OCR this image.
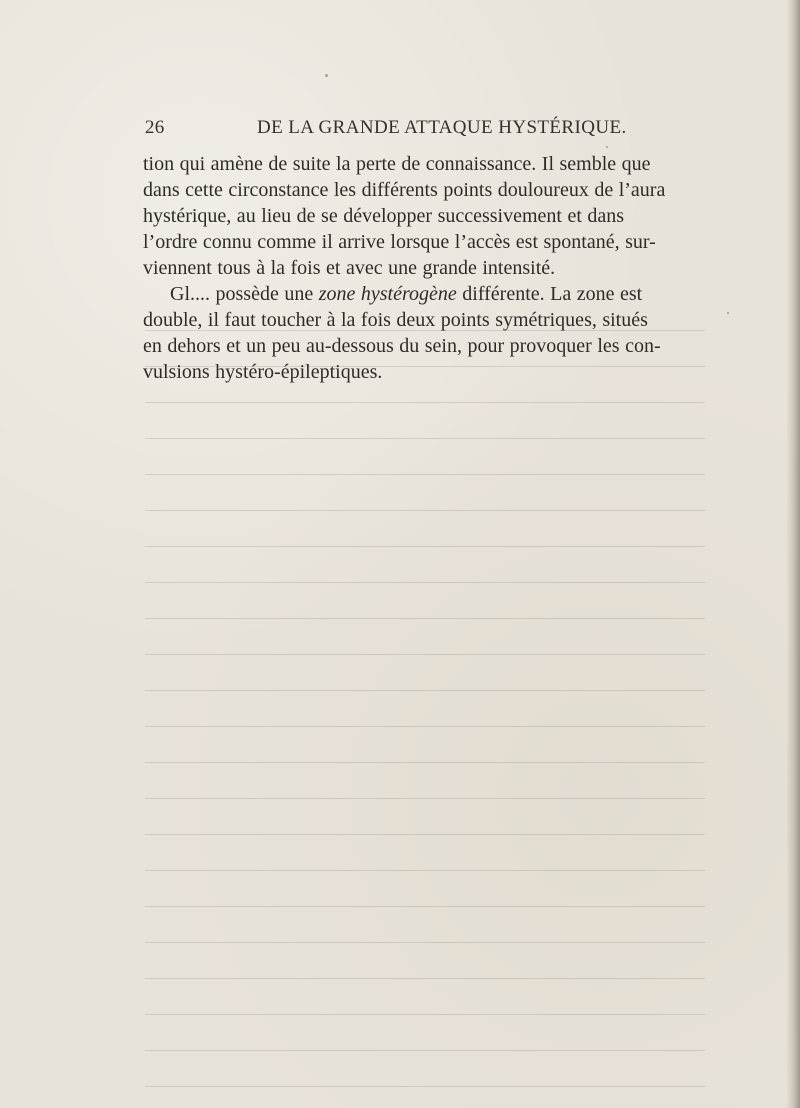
26	DE LA GRANDE ATTAQUE HYSTÉRIQUE.
tion qui amène de suite la perte de connaissance. Il semble que
dans cette circonstance les différents points douloureux de l’aura
hystérique, au lieu de se développer successivement et dans
l’ordre connu comme il arrive lorsque l’accès est spontané, sur-
viennent tous à la fois et avec une grande intensité.
Gl.... possède une zone hystérogène différente. La zone est
double, il faut toucher à la fois deux points symétriques, situés
en dehors et un peu au-dessous du sein, pour provoquer les con-
vulsions hystéro-épileptiques.
